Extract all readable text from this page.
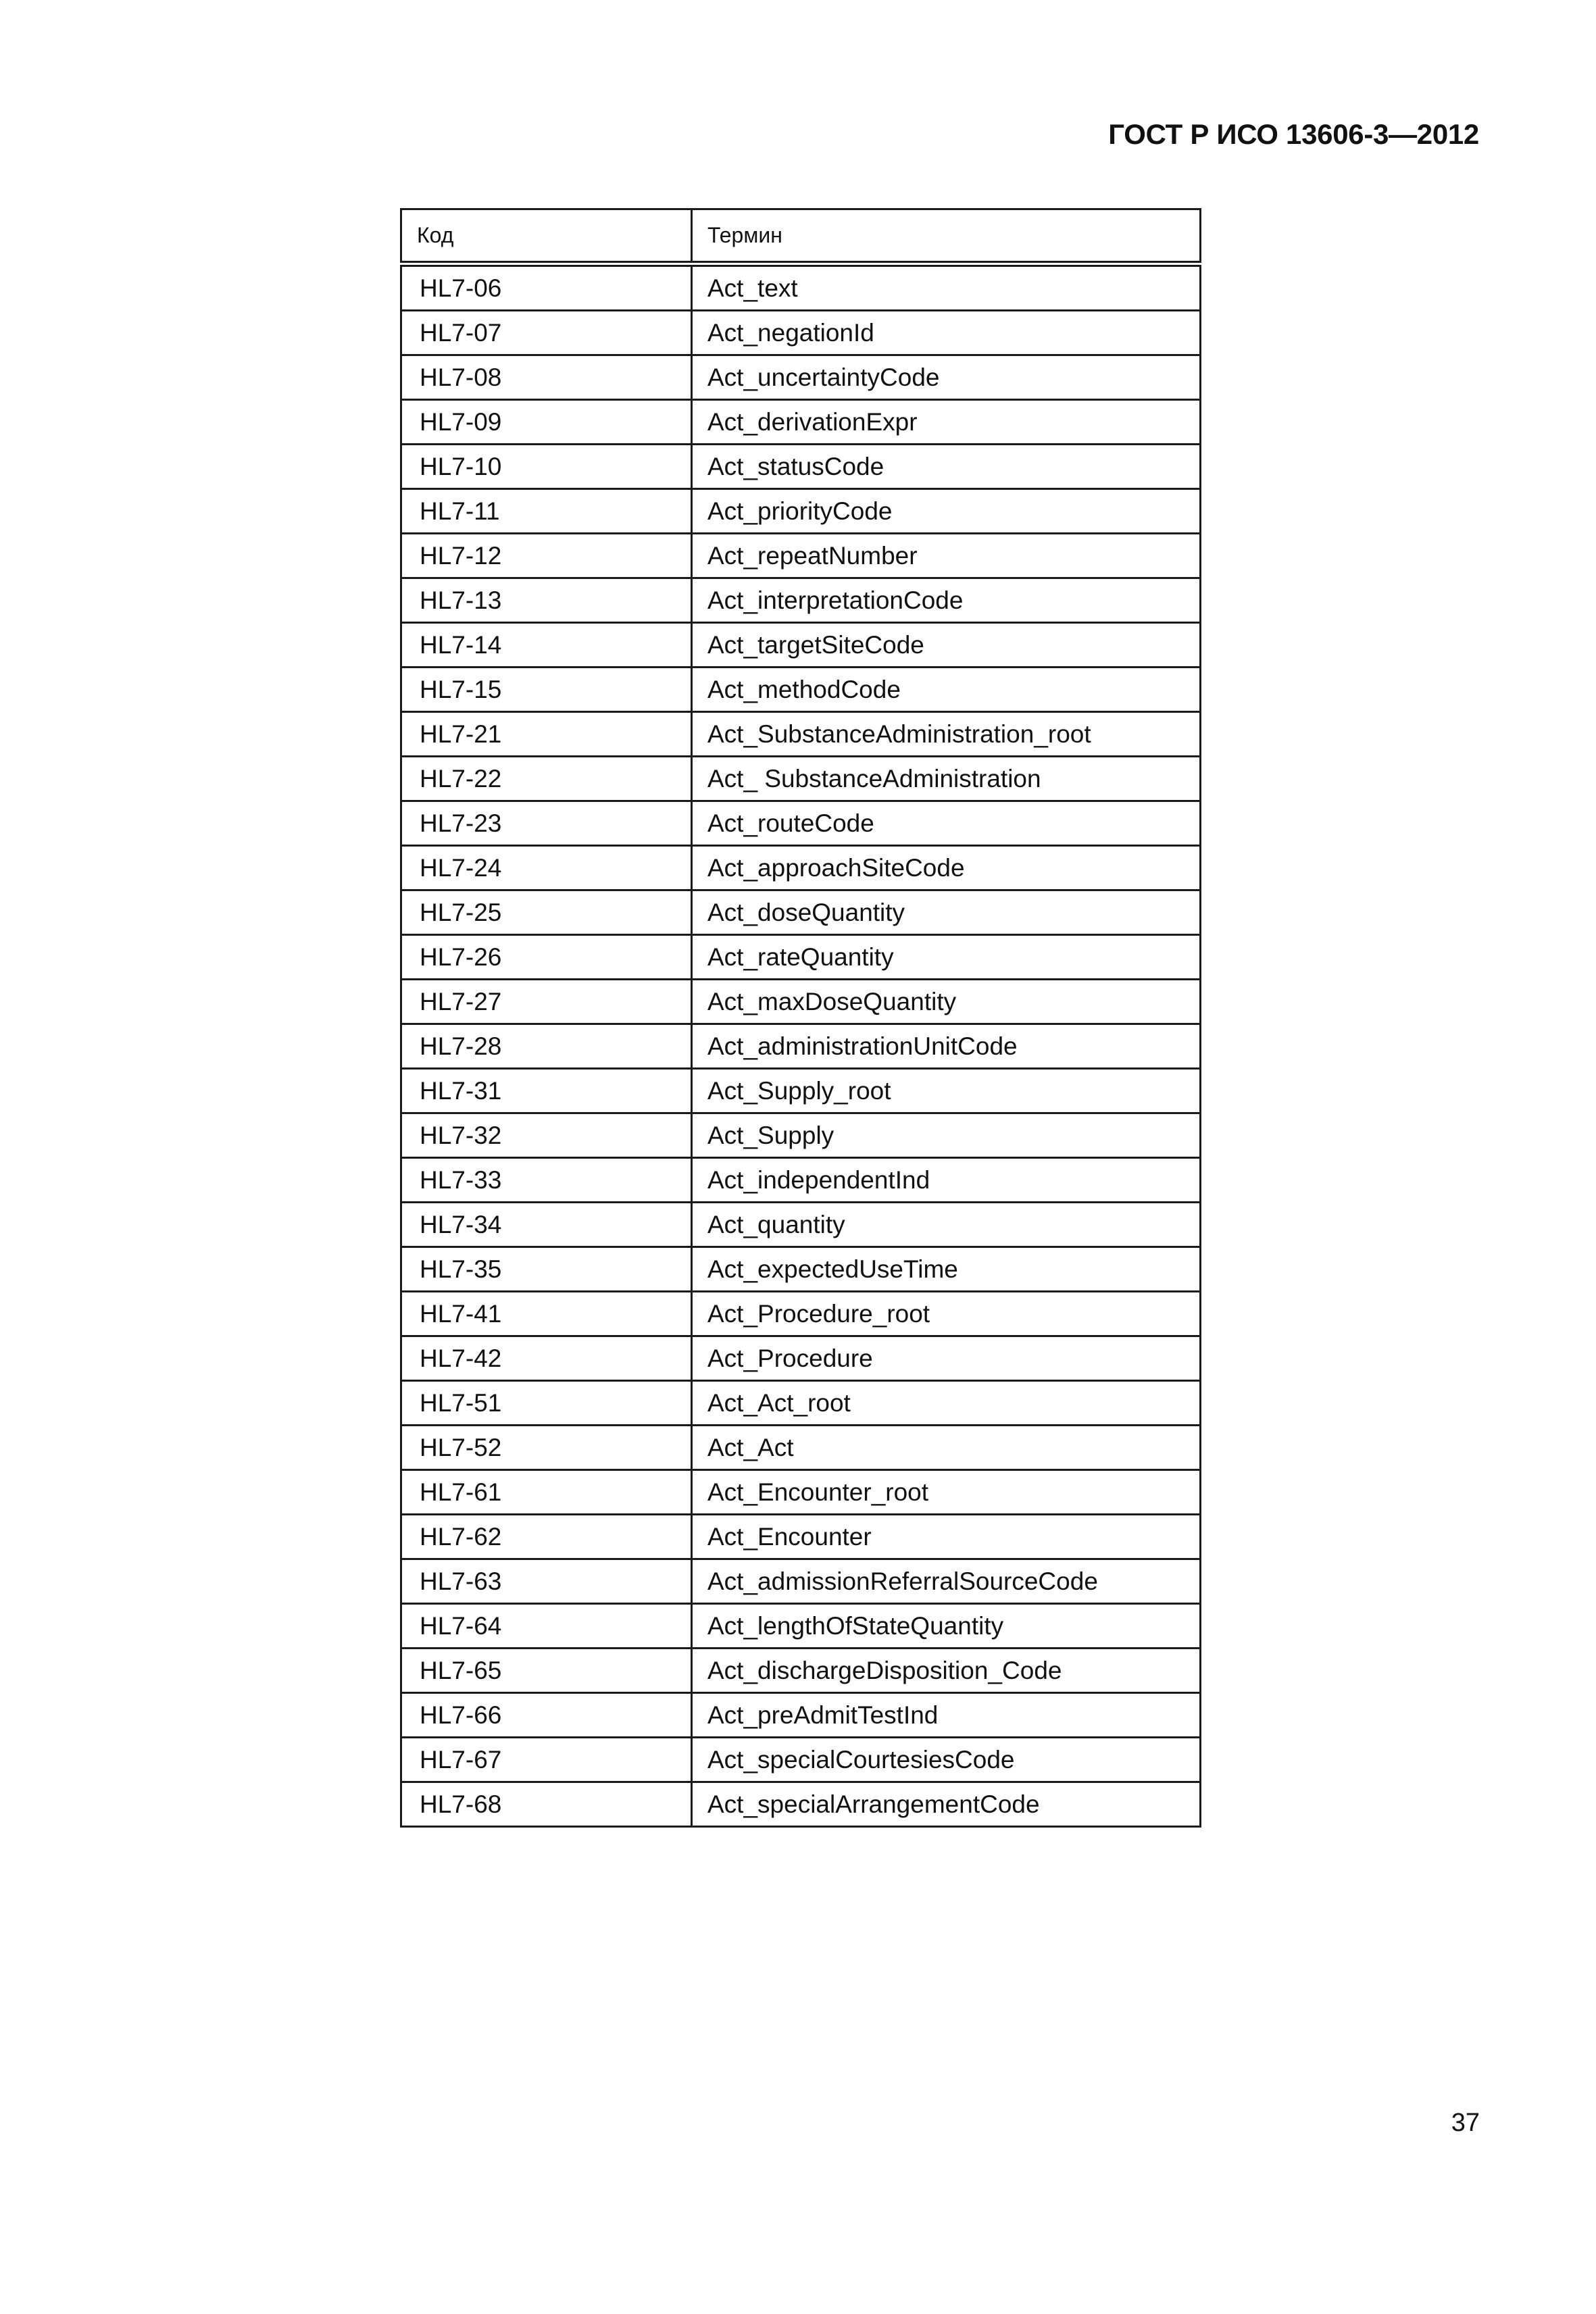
ГОСТ Р ИСО 13606-3—2012
Код	Термин
HL7-06	Act_text
HL7-07	Act_negationId
HL7-08	Act_uncertaintyCode
HL7-09	Act_derivationExpr
HL7-10	Act_statusCode
HL7-11	Act_priorityCode
HL7-12	Act_repeatNumber
HL7-13	Act_interpretationCode
HL7-14	Act_targetSiteCode
HL7-15	Act_methodCode
HL7-21	Act_SubstanceAdministration_root
HL7-22	Act_ SubstanceAdministration
HL7-23	Act_routeCode
HL7-24	Act_approachSiteCode
HL7-25	Act_doseQuantity
HL7-26	Act_rateQuantity
HL7-27	Act_maxDoseQuantity
HL7-28	Act_administrationUnitCode
HL7-31	Act_Supply_root
HL7-32	Act_Supply
HL7-33	Act_independentInd
HL7-34	Act_quantity
HL7-35	Act_expectedUseTime
HL7-41	Act_Procedure_root
HL7-42	Act_Procedure
HL7-51	Act_Act_root
HL7-52	Act_Act
HL7-61	Act_Encounter_root
HL7-62	Act_Encounter
HL7-63	Act_admissionReferralSourceCode
HL7-64	Act_lengthOfStateQuantity
HL7-65	Act_dischargeDisposition_Code
HL7-66	Act_preAdmitTestInd
HL7-67	Act_specialCourtesiesCode
HL7-68	Act_specialArrangementCode
37
